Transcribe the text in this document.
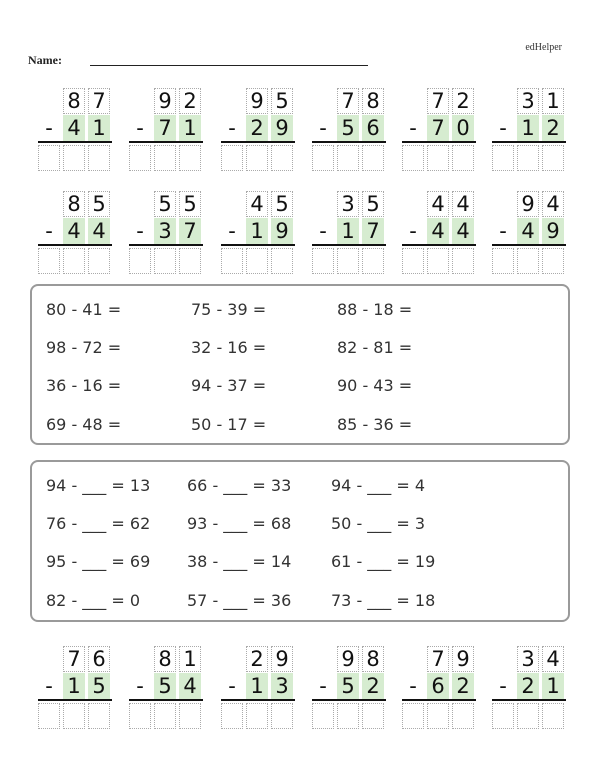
edHelper
Name:
8 7
- 4 1
9 2
- 7 1
9 5
- 2 9
7 8
- 5 6
7 2
- 7 0
3 1
- 1 2
8 5
- 4 4
5 5
- 3 7
4 5
- 1 9
3 5
- 1 7
4 4
- 4 4
9 4
- 4 9
80 - 41 =	75 - 39 =	88 - 18 =
98 - 72 =	32 - 16 =	82 - 81 =
36 - 16 =	94 - 37 =	90 - 43 =
69 - 48 =	50 - 17 =	85 - 36 =
94 - ___ = 13 66 - ___ = 33 94 - ___ = 4
76 - ___ = 62 93 - ___ = 68 50 - ___ = 3
95 - ___ = 69 38 - ___ = 14 61 - ___ = 19
82 - ___ = 0	57 - ___ = 36 73 - ___ = 18
7 6
- 1 5
8 1
- 5 4
2 9
- 1 3
9 8
- 5 2
7 9
- 6 2
3 4
- 2 1
